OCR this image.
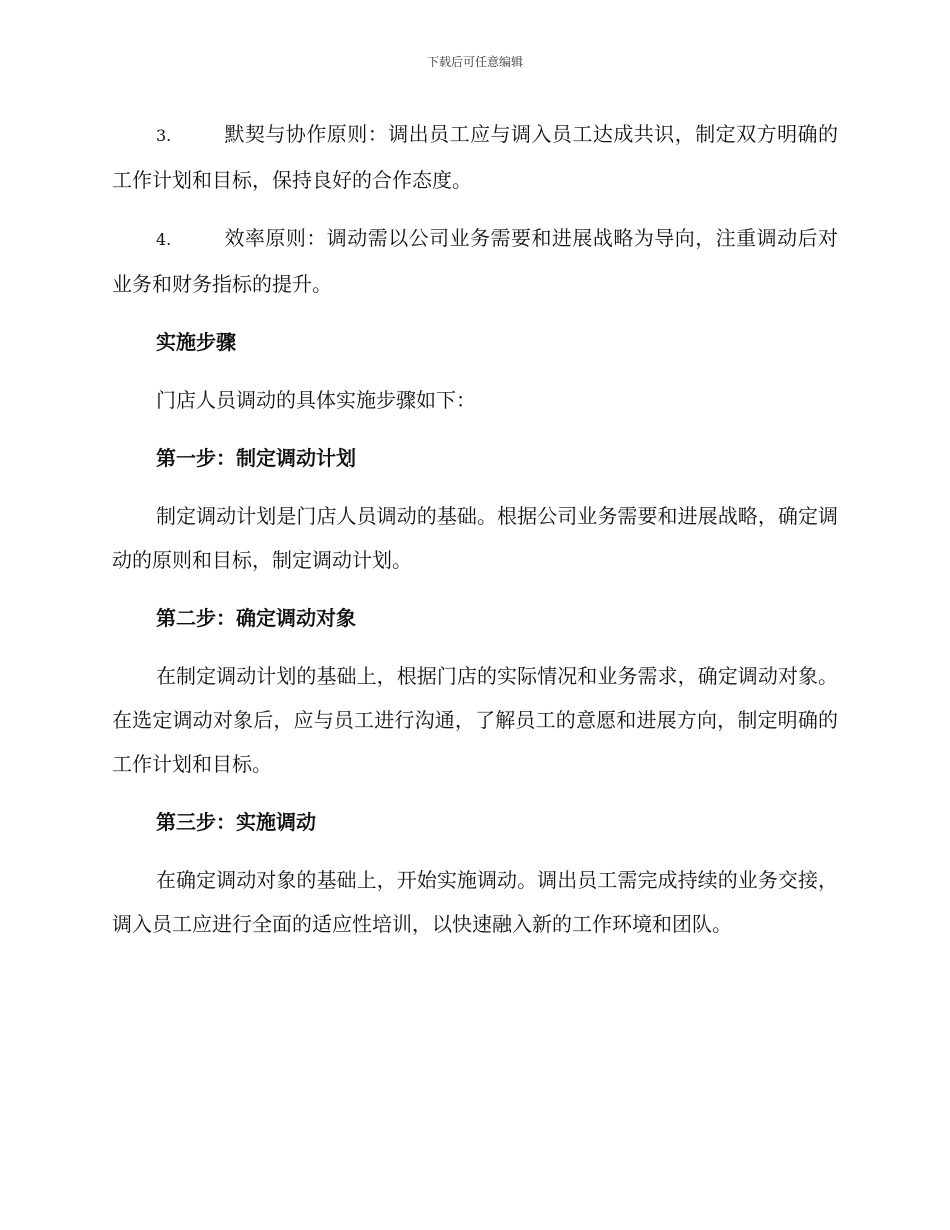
下载后可任意编辑

3.	默契与协作原则：调出员工应与调入员工达成共识，制定双方明确的工作计划和目标，保持良好的合作态度。

4.	效率原则：调动需以公司业务需要和进展战略为导向，注重调动后对业务和财务指标的提升。

实施步骤

门店人员调动的具体实施步骤如下：

第一步：制定调动计划

制定调动计划是门店人员调动的基础。根据公司业务需要和进展战略，确定调动的原则和目标，制定调动计划。

第二步：确定调动对象

在制定调动计划的基础上，根据门店的实际情况和业务需求，确定调动对象。在选定调动对象后，应与员工进行沟通，了解员工的意愿和进展方向，制定明确的工作计划和目标。

第三步：实施调动

在确定调动对象的基础上，开始实施调动。调出员工需完成持续的业务交接，调入员工应进行全面的适应性培训，以快速融入新的工作环境和团队。
